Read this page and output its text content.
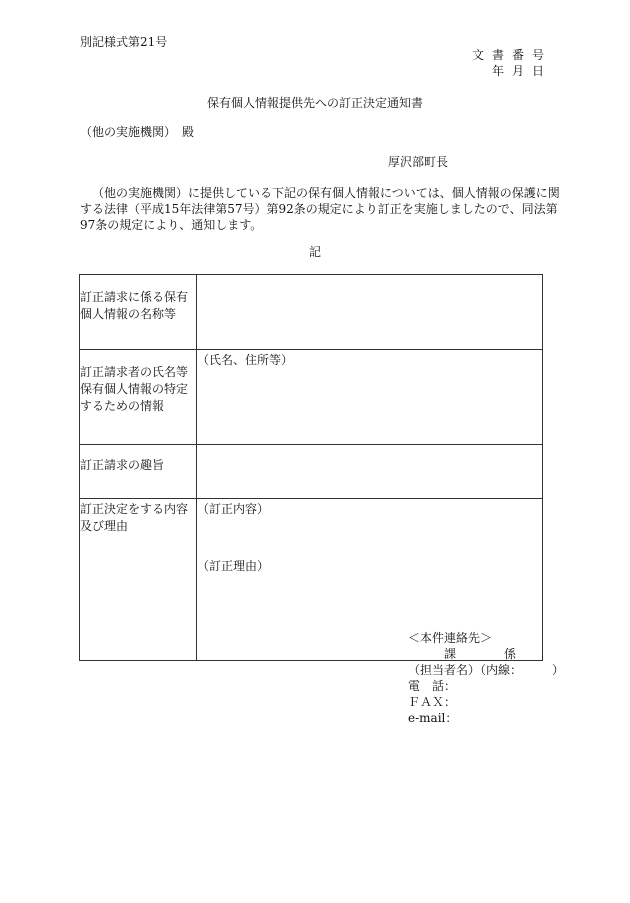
別記様式第21号
文書番号
年月日
保有個人情報提供先への訂正決定通知書
（他の実施機関）　殿
厚沢部町長
（他の実施機関）に提供している下記の保有個人情報については、個人情報の保護に関する法律（平成15年法律第57号）第92条の規定により訂正を実施しましたので、同法第97条の規定により、通知します。
記
訂正請求に係る保有個人情報の名称等	
訂正請求者の氏名等保有個人情報の特定するための情報	（氏名、住所等）

訂正請求の趣旨	
訂正決定をする内容及び理由	（訂正内容）
（訂正理由）
＜本件連絡先＞
　　　課　　　　係
（担当者名）（内線：　　　）
電　話：
ＦＡＸ：
e-mail：
